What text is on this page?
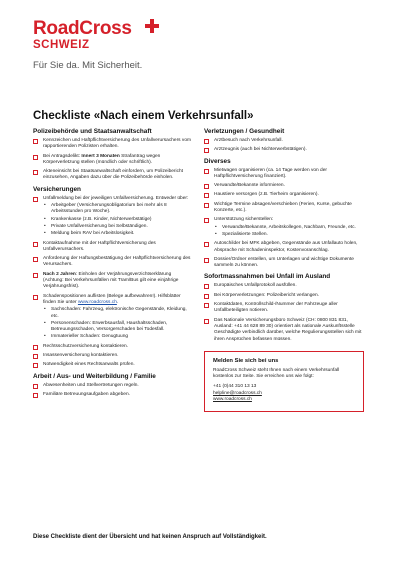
RoadCross
SCHWEIZ
Für Sie da. Mit Sicherheit.
Checkliste «Nach einem Verkehrsunfall»
Polizeibehörde und Staatsanwaltschaft
Kennzeichen und Haftpflichtversicherung des Unfallverursachers vom rapportierenden Polizisten erhalten.
Bei Antragsdelikt: Innert 3 Monaten Strafantrag wegen Körperverletzung stellen (mündlich oder schriftlich).
Akteneinsicht bei Staatsanwaltschaft einfordern, um Polizeibericht einzusehen, Angaben dazu über die Polizeibehörde einholen.
Versicherungen
Unfallmeldung bei der jeweiligen Unfallversicherung. Entweder über:
• Arbeitgeber (Versicherungsobligatorium bei mehr als 8 Arbeitsstunden pro Woche).
• Krankenkasse (z.B. Kinder, Nichterwerbstätige)
• Private Unfallversicherung bei Selbständigen.
• Meldung beim RAV bei Arbeitslosigkeit.
Kontaktaufnahme mit der Haftpflichtversicherung des Unfallverursachers.
Anforderung der Haftungsbestätigung der Haftpflichtversicherung des Verursachers.
Nach 2 Jahren: Einholen der Verjährungsverzichtserklärung (Achtung: Bei Verkehrsunfällen mit Tram/Bus gilt eine einjährige Verjährungsfrist).
Schadenspositionen auflisten (Belege aufbewahren!). Hilfsblätter finden Sie unter www.roadcross.ch.
• Sachschaden: Fahrzeug, elektronische Gegenstände, Kleidung, etc.
• Personenschaden: Erwerbsausfall, Haushaltsschaden, Betreuungsschaden, Versorgerschaden bei Todesfall.
• Immaterieller Schaden: Genugtuung
Rechtsschutzversicherung kontaktieren.
Insassenversicherung kontaktieren.
Notwendigkeit eines Rechtsanwalts prüfen.
Arbeit / Aus- und Weiterbildung / Familie
Abwesenheiten und Stellvertretungen regeln.
Familiäre Betreuungsaufgaben abgeben.
Verletzungen / Gesundheit
Arztbesuch nach Verkehrsunfall.
Arztzeugnis (auch bei Nichterwerbstätigen).
Diverses
Mietwagen organisieren (ca. 14 Tage werden von der Haftpflichtversicherung finanziert).
Verwandte/Bekannte informieren.
Haustiere versorgen (z.B. Tierheim organisieren).
Wichtige Termine absagen/verschieben (Ferien, Kurse, gebuchte Konzerte, etc.).
Unterstützung sicherstellen:
• Verwandte/Bekannte, Arbeitskollegen, Nachbarn, Freunde, etc.
• Spezialisierte Stellen.
Autoschilder bei MFK abgeben, Gegenstände aus Unfallauto holen, Absprache mit Schadeninspektor, Kostenvoranschlag.
Dossier/Ordner erstellen, um Unterlagen und wichtige Dokumente sammeln zu können.
Sofortmassnahmen bei Unfall im Ausland
Europäisches Unfallprotokoll ausfüllen.
Bei Körperverletzungen: Polizeibericht verlangen.
Kontaktdaten, Kontrollschild-/Nummer der Fahrzeuge aller Unfallbeteiligten notieren.
Das Nationale Versicherungsbüro Schweiz (CH: 0800 831 831, Ausland: +41 44 628 89 30) orientiert als nationale Auskunftsstelle Geschädigte verbindlich darüber, welche Regulierungsstellen sich mit ihren Ansprüchen befassen müssen.
Melden Sie sich bei uns
RoadCross Schweiz steht Ihnen nach einem Verkehrsunfall kostenlos zur Seite. Sie erreichen uns wie folgt:
+41 (0)44 310 13 13
helpline@roadcross.ch
www.roadcross.ch
Diese Checkliste dient der Übersicht und hat keinen Anspruch auf Vollständigkeit.
